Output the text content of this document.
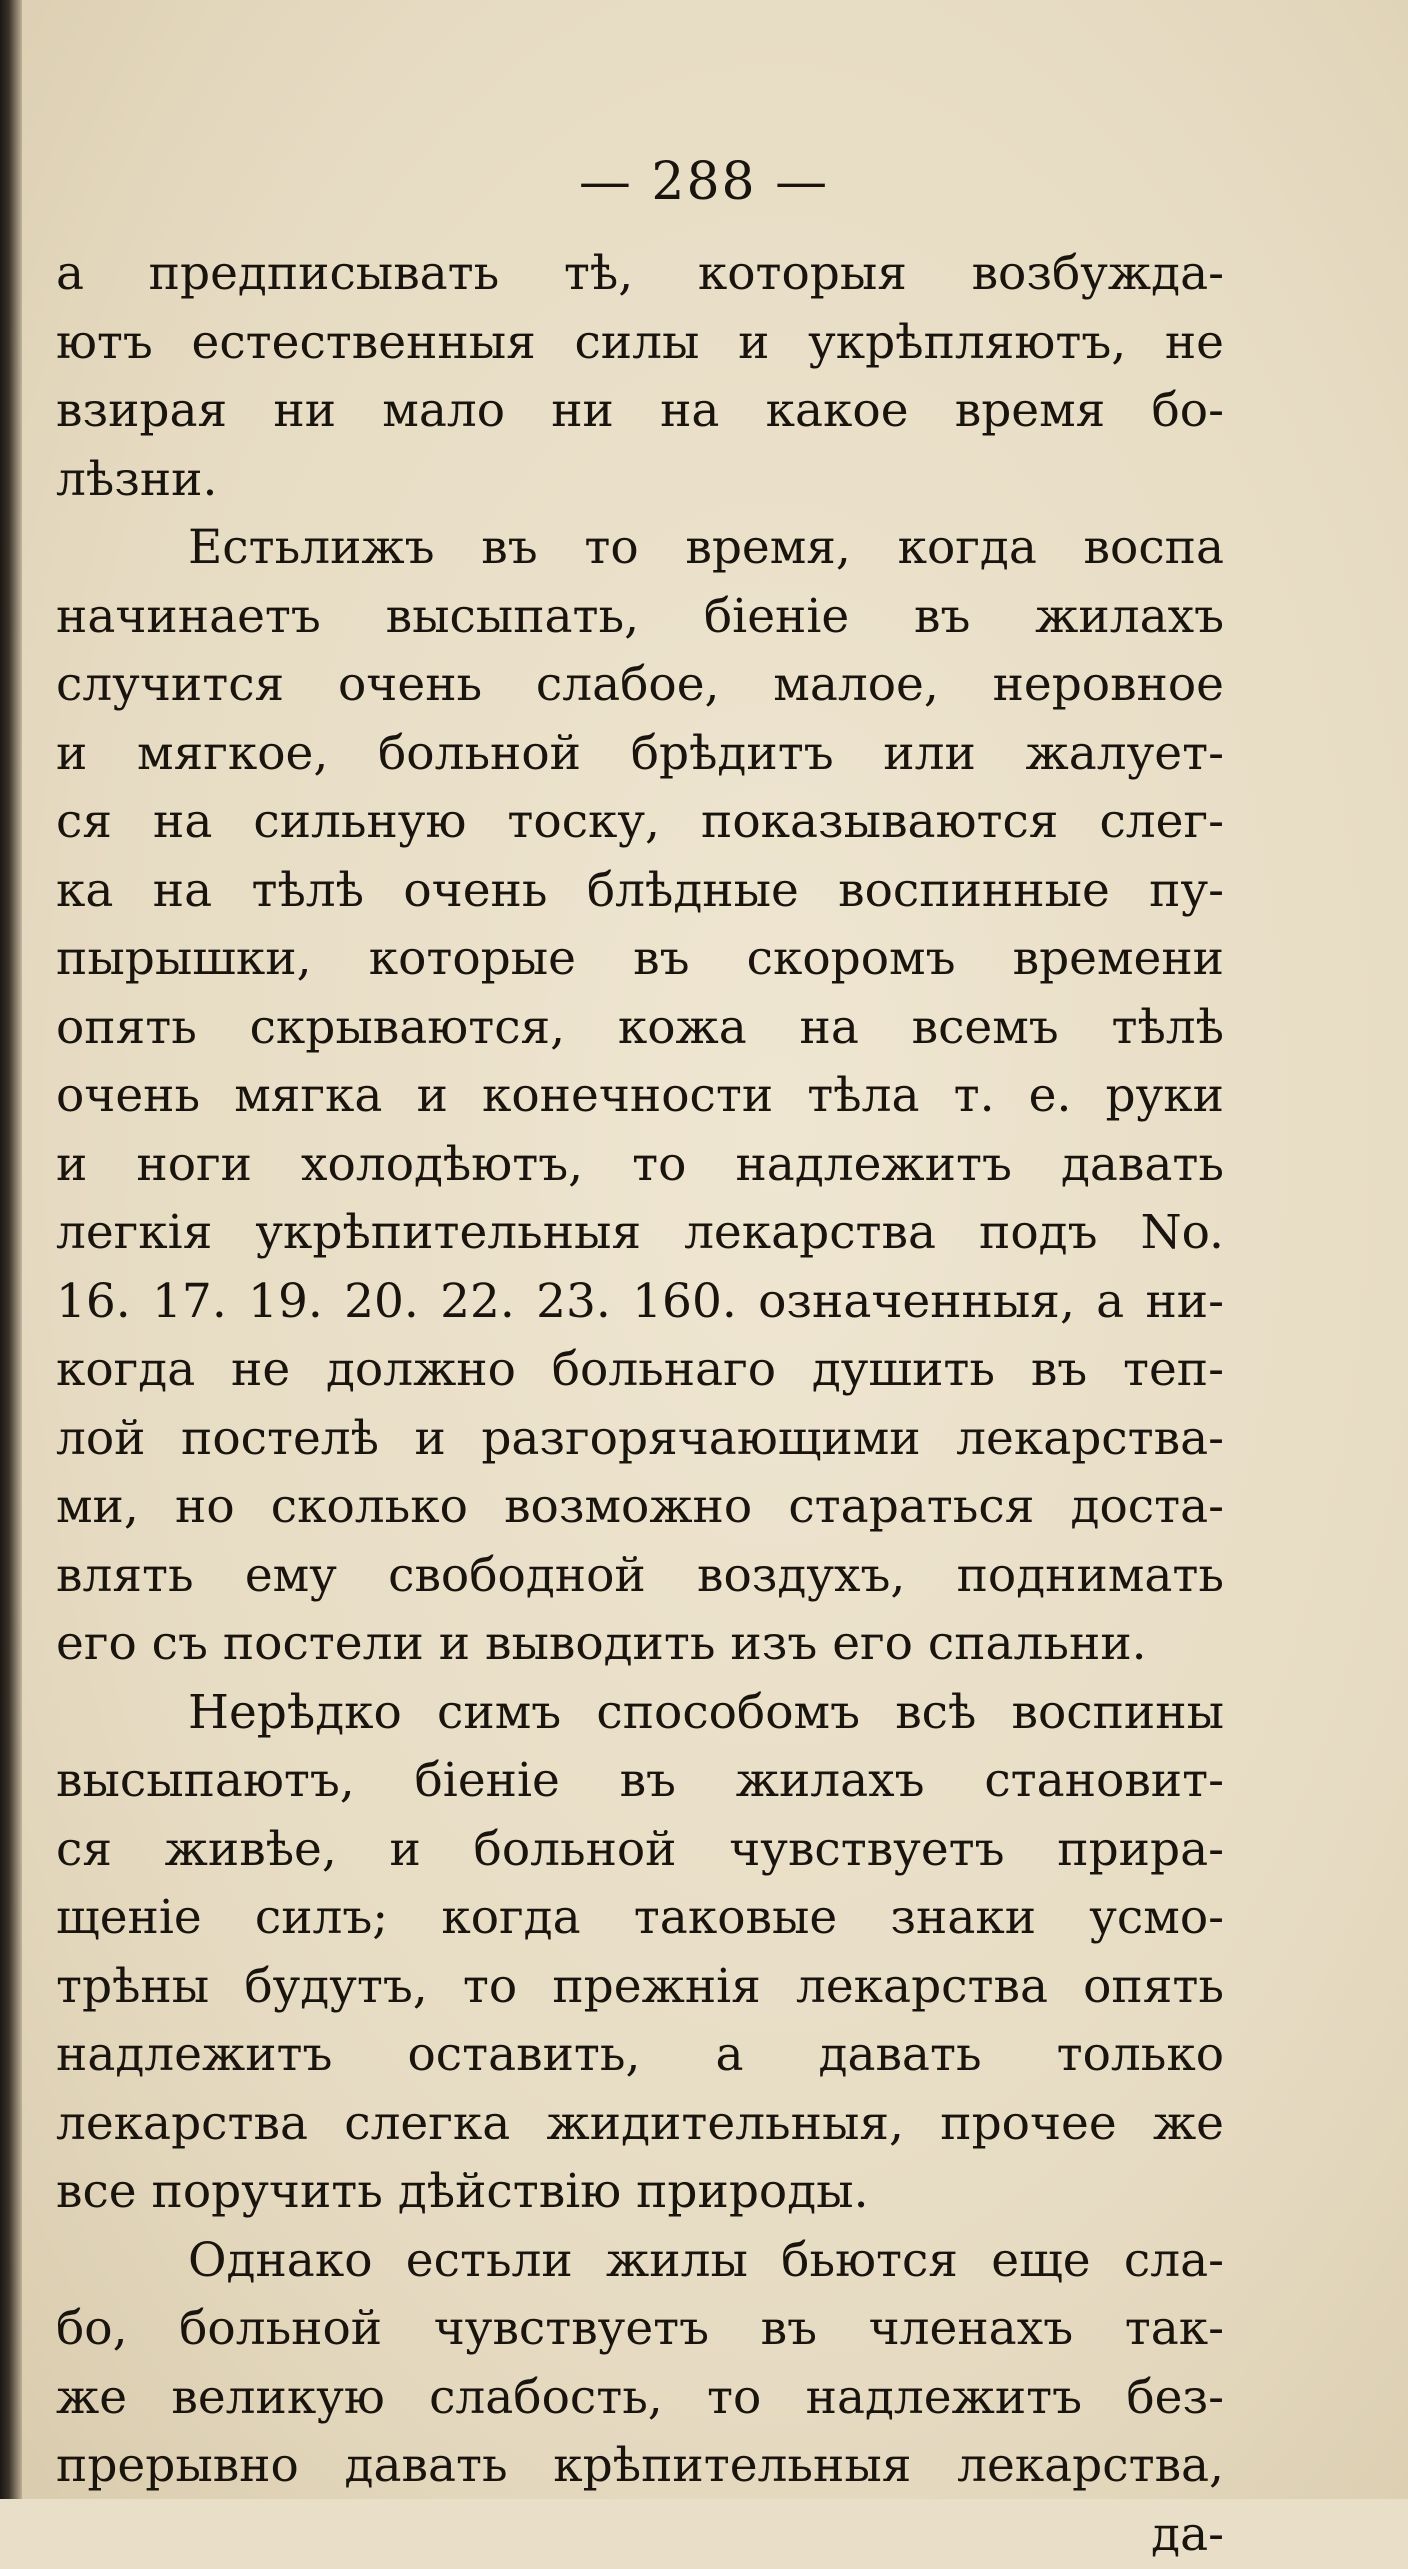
— 288 —
а предписывать тѣ, которыя возбужда-
ютъ естественныя силы и укрѣпляютъ, не
взирая ни мало ни на какое время бо-
лѣзни.
Естьлижъ въ то время, когда воспа
начинаетъ высыпать, біеніе въ жилахъ
случится очень слабое, малое, неровное
и мягкое, больной брѣдитъ или жалует-
ся на сильную тоску, показываются слег-
ка на тѣлѣ очень блѣдные воспинные пу-
пырышки, которые въ скоромъ времени
опять скрываются, кожа на всемъ тѣлѣ
очень мягка и конечности тѣла т. е. руки
и ноги холодѣютъ, то надлежитъ давать
легкія укрѣпительныя лекарства подъ No.
16. 17. 19. 20. 22. 23. 160. означенныя, а ни-
когда не должно больнаго душить въ теп-
лой постелѣ и разгорячающими лекарства-
ми, но сколько возможно стараться доста-
влять ему свободной воздухъ, поднимать
его съ постели и выводить изъ его спальни.
Нерѣдко симъ способомъ всѣ воспины
высыпаютъ, біеніе въ жилахъ становит-
ся живѣе, и больной чувствуетъ прира-
щеніе силъ; когда таковые знаки усмо-
трѣны будутъ, то прежнія лекарства опять
надлежитъ оставить, а давать только
лекарства слегка жидительныя, прочее же
все поручить дѣйствію природы.
Однако естьли жилы бьются еще сла-
бо, больной чувствуетъ въ членахъ так-
же великую слабость, то надлежитъ без-
прерывно давать крѣпительныя лекарства,
да-
